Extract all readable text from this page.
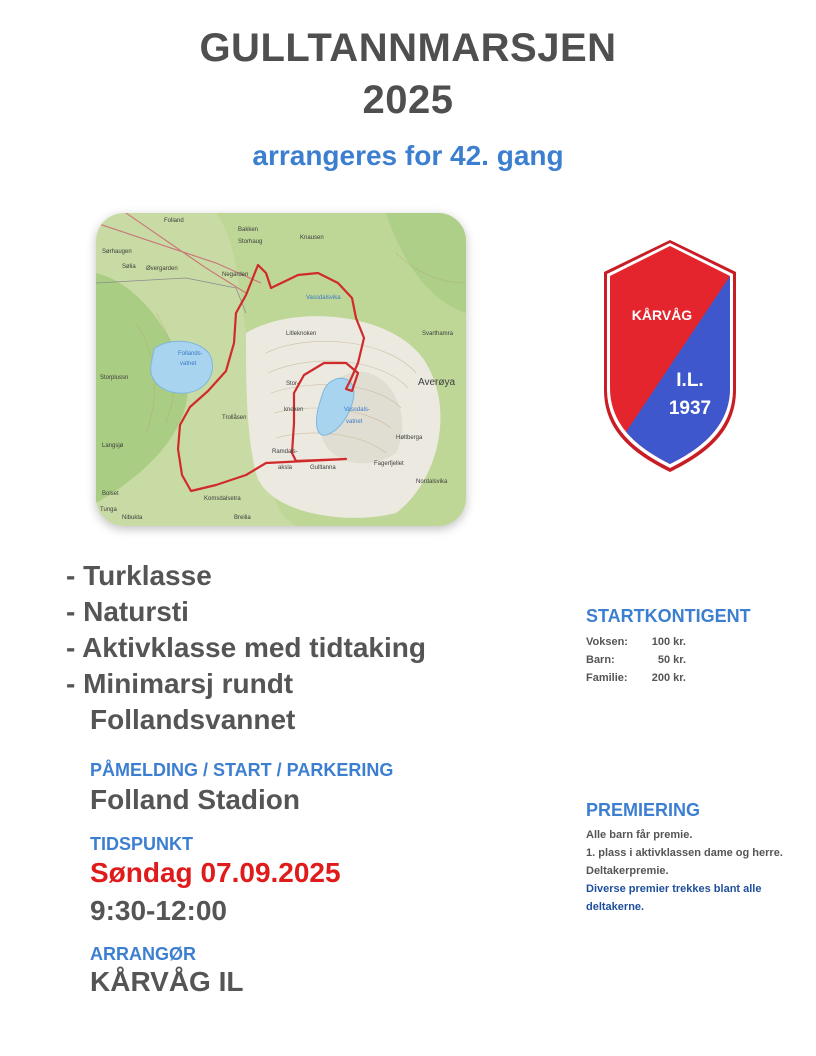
GULLTANNMARSJEN
2025
arrangeres for 42. gang
Folland
Bakken
Storhaug
Knausen
Sørhaugen
Sølia Øvergarden
Negarden
Vassdalsvika
Follands-
vatnet
Litleknoken
Stor-
knoken	Vassdals-
vatnet
Svarthamra
Storplussn
Trollåsen
Ramdals-
aksla	Gulltanna
Fagerfjellet
Høltberga
Langsjø
Bolset
Komsdalsetra
Breilia
Tunga
Nordalsvika
Nibukta
Averøya
KÅRVÅG
I.L.
1937
- Turklasse
- Natursti
- Aktivklasse med tidtaking
- Minimarsj rundt
Follandsvannet
PÅMELDING / START / PARKERING
Folland Stadion
TIDSPUNKT
Søndag 07.09.2025
9:30-12:00
ARRANGØR
KÅRVÅG IL
STARTKONTIGENT
Voksen:	100 kr.
Barn:	50 kr.
Familie:	200 kr.
PREMIERING
Alle barn får premie.
1. plass i aktivklassen dame og herre.
Deltakerpremie.
Diverse premier trekkes blant alle deltakerne.
